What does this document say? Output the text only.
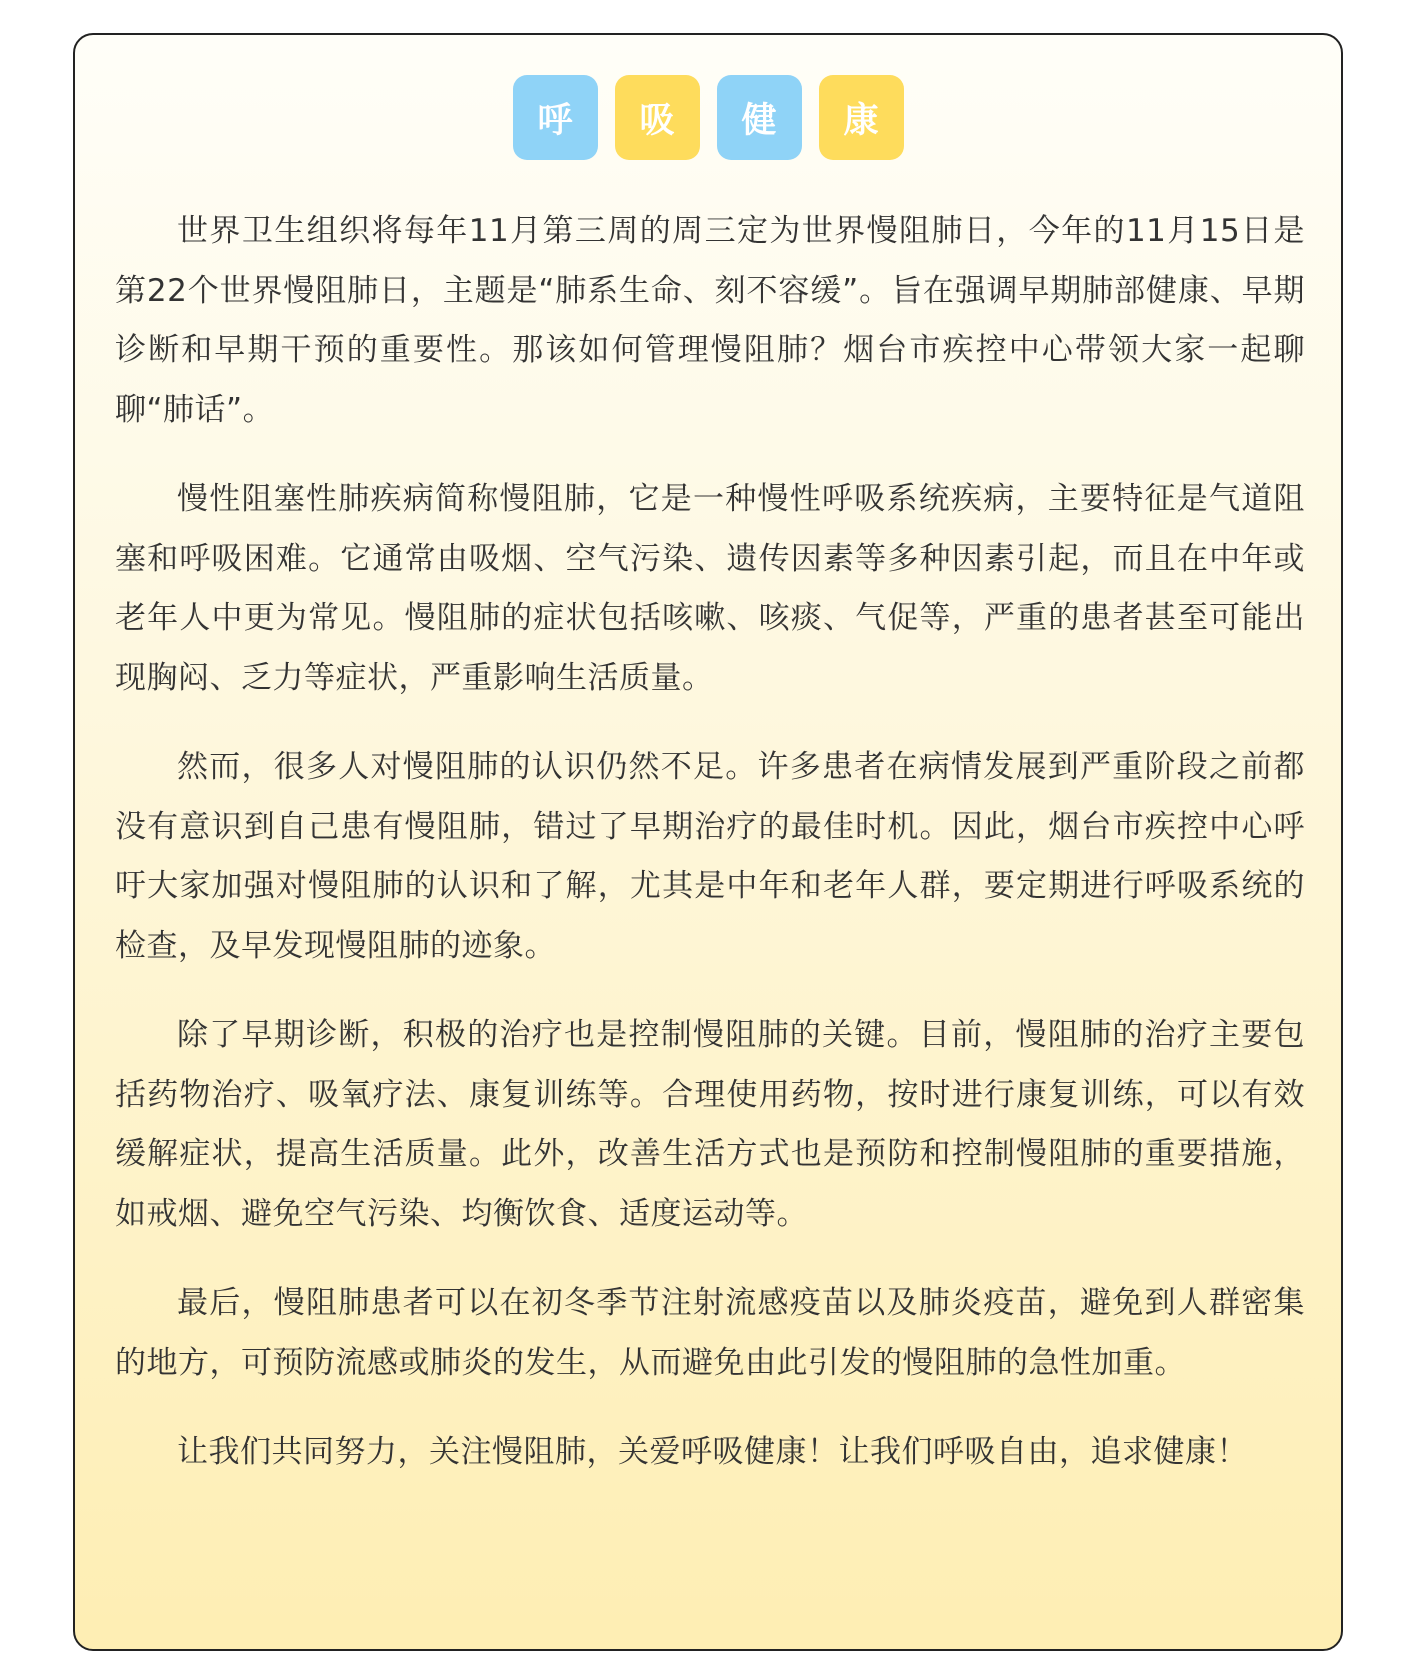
呼	吸	健	康

世界卫生组织将每年11月第三周的周三定为世界慢阻肺日，今年的11月15日是第22个世界慢阻肺日，主题是“肺系生命、刻不容缓”。旨在强调早期肺部健康、早期诊断和早期干预的重要性。那该如何管理慢阻肺？烟台市疾控中心带领大家一起聊聊“肺话”。

慢性阻塞性肺疾病简称慢阻肺，它是一种慢性呼吸系统疾病，主要特征是气道阻塞和呼吸困难。它通常由吸烟、空气污染、遗传因素等多种因素引起，而且在中年或老年人中更为常见。慢阻肺的症状包括咳嗽、咳痰、气促等，严重的患者甚至可能出现胸闷、乏力等症状，严重影响生活质量。

然而，很多人对慢阻肺的认识仍然不足。许多患者在病情发展到严重阶段之前都没有意识到自己患有慢阻肺，错过了早期治疗的最佳时机。因此，烟台市疾控中心呼吁大家加强对慢阻肺的认识和了解，尤其是中年和老年人群，要定期进行呼吸系统的检查，及早发现慢阻肺的迹象。

除了早期诊断，积极的治疗也是控制慢阻肺的关键。目前，慢阻肺的治疗主要包括药物治疗、吸氧疗法、康复训练等。合理使用药物，按时进行康复训练，可以有效缓解症状，提高生活质量。此外，改善生活方式也是预防和控制慢阻肺的重要措施，如戒烟、避免空气污染、均衡饮食、适度运动等。

最后，慢阻肺患者可以在初冬季节注射流感疫苗以及肺炎疫苗，避免到人群密集的地方，可预防流感或肺炎的发生，从而避免由此引发的慢阻肺的急性加重。

让我们共同努力，关注慢阻肺，关爱呼吸健康！让我们呼吸自由，追求健康！
